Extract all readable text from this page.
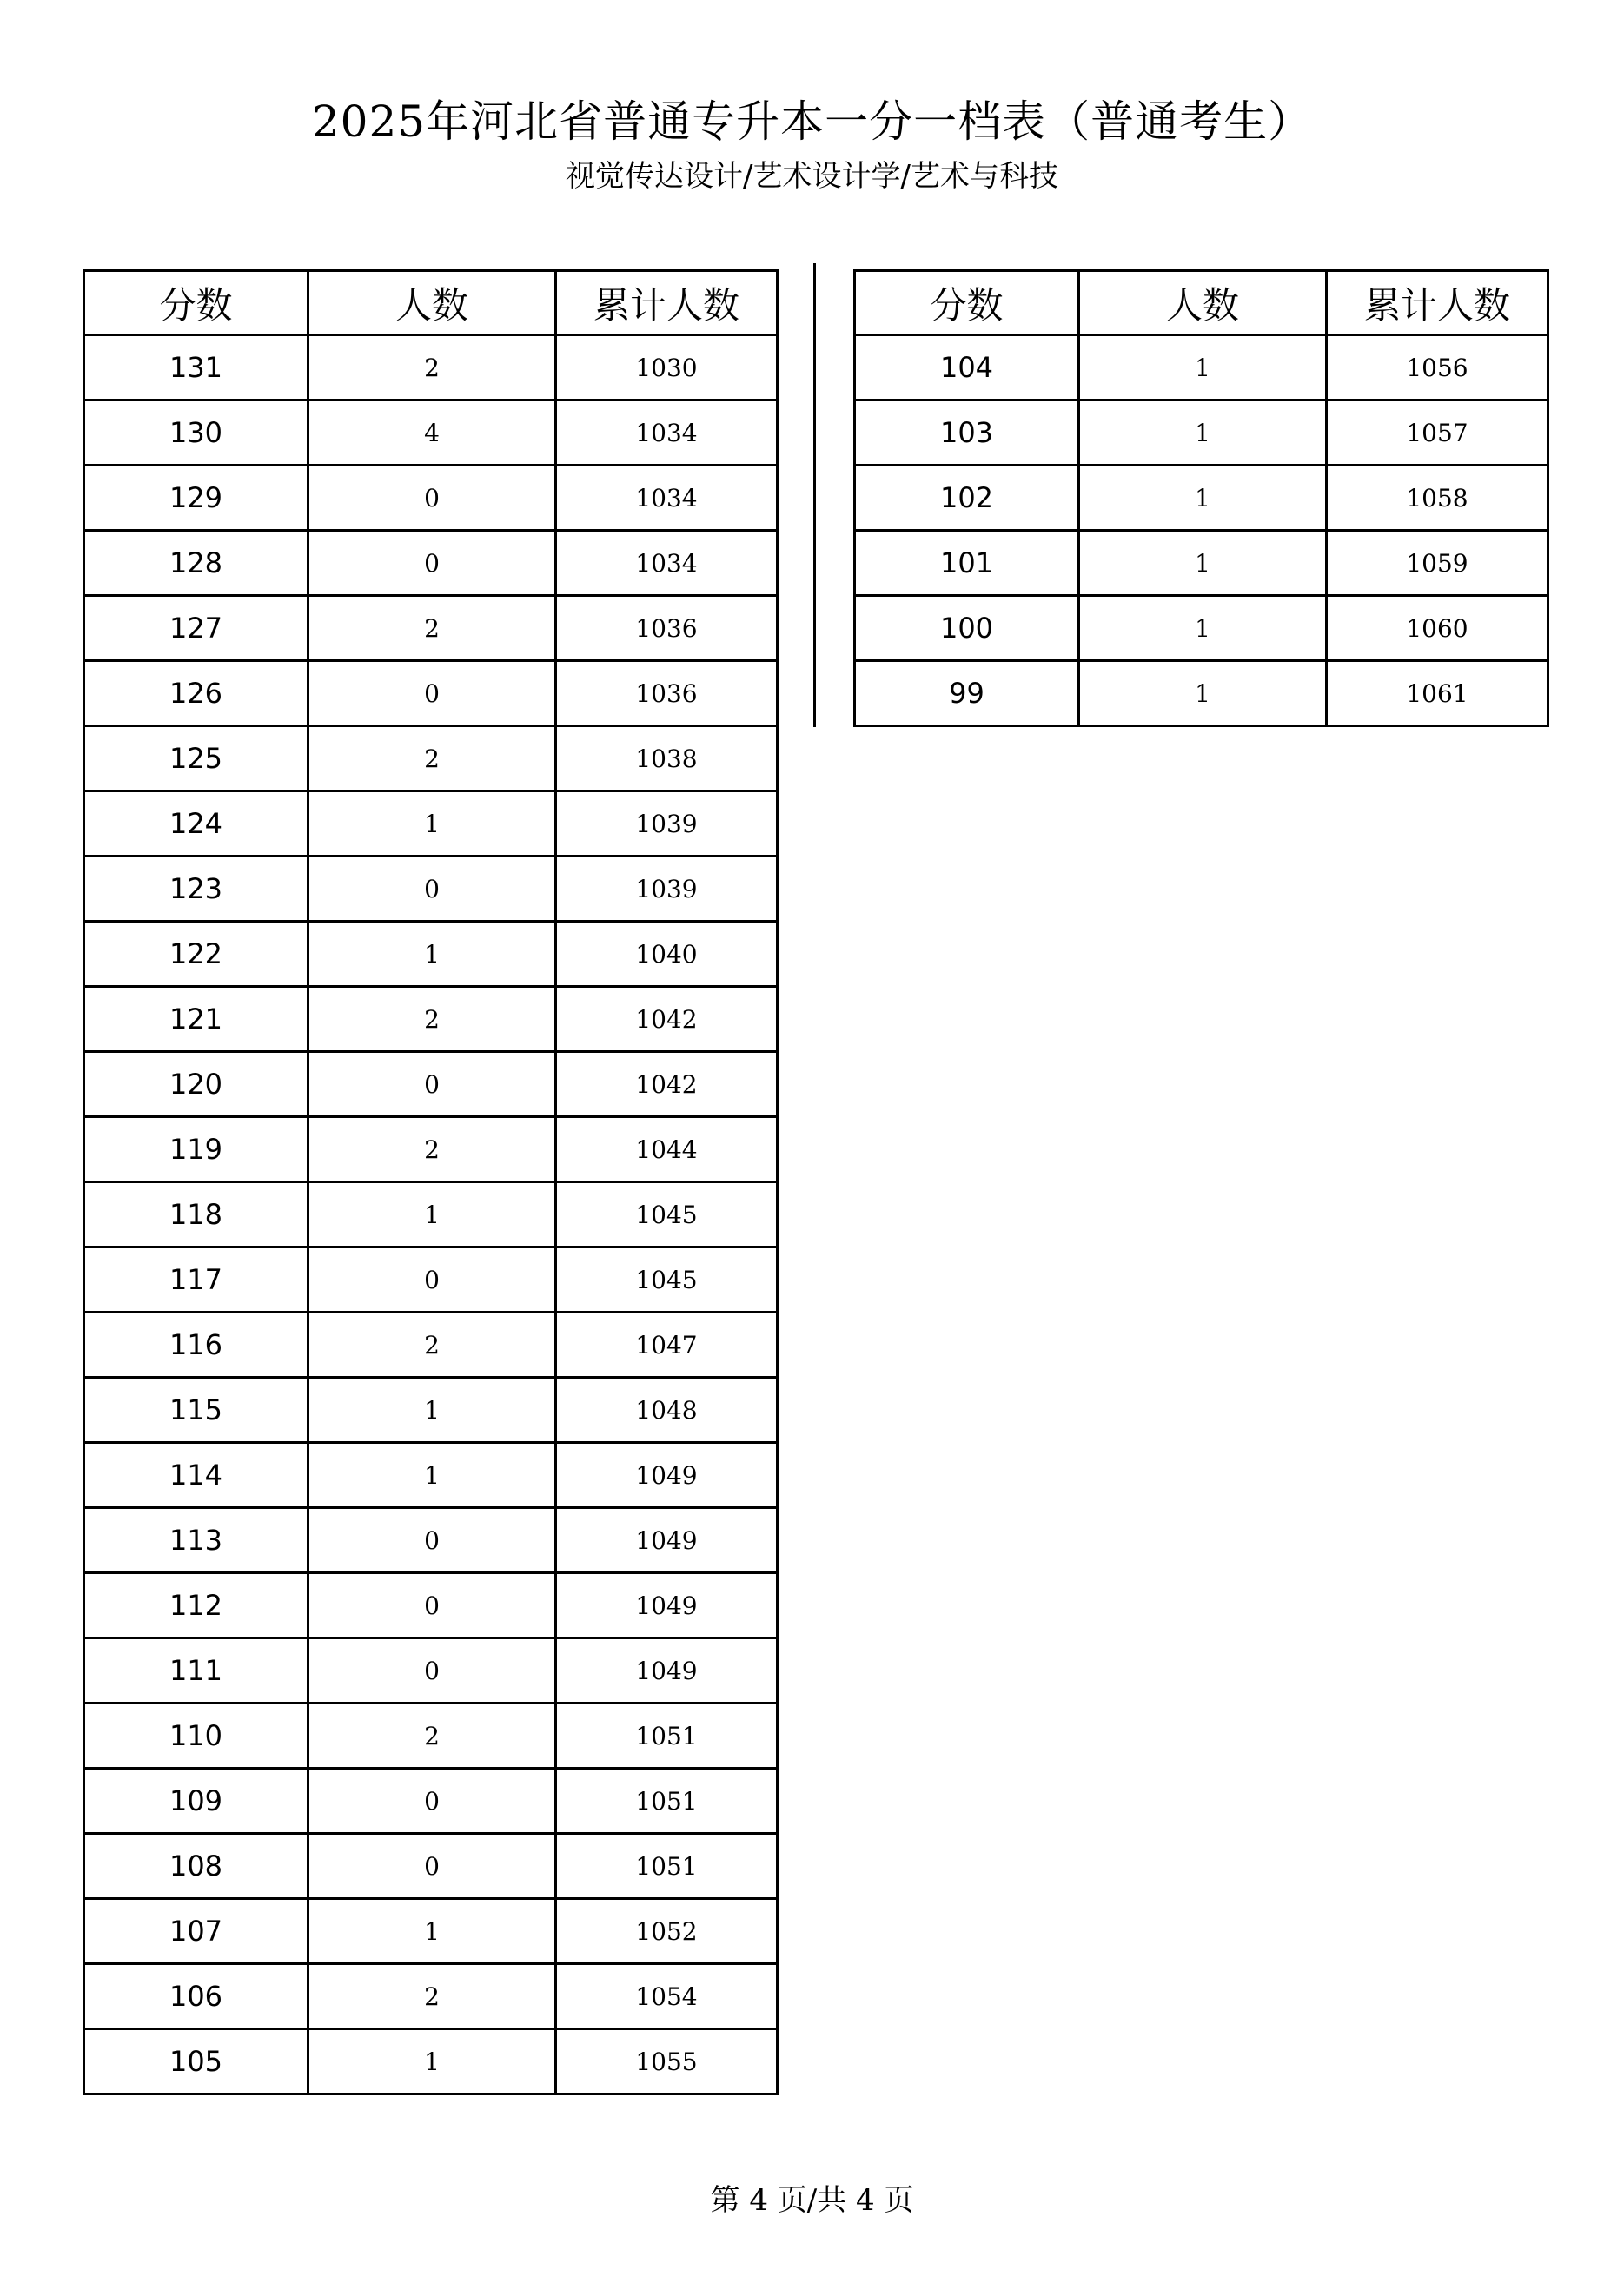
2025年河北省普通专升本一分一档表（普通考生）
视觉传达设计/艺术设计学/艺术与科技
分数	人数	累计人数
131	2	1030
130	4	1034
129	0	1034
128	0	1034
127	2	1036
126	0	1036
125	2	1038
124	1	1039
123	0	1039
122	1	1040
121	2	1042
120	0	1042
119	2	1044
118	1	1045
117	0	1045
116	2	1047
115	1	1048
114	1	1049
113	0	1049
112	0	1049
111	0	1049
110	2	1051
109	0	1051
108	0	1051
107	1	1052
106	2	1054
105	1	1055
分数	人数	累计人数
104	1	1056
103	1	1057
102	1	1058
101	1	1059
100	1	1060
99	1	1061
第 4 页/共 4 页
